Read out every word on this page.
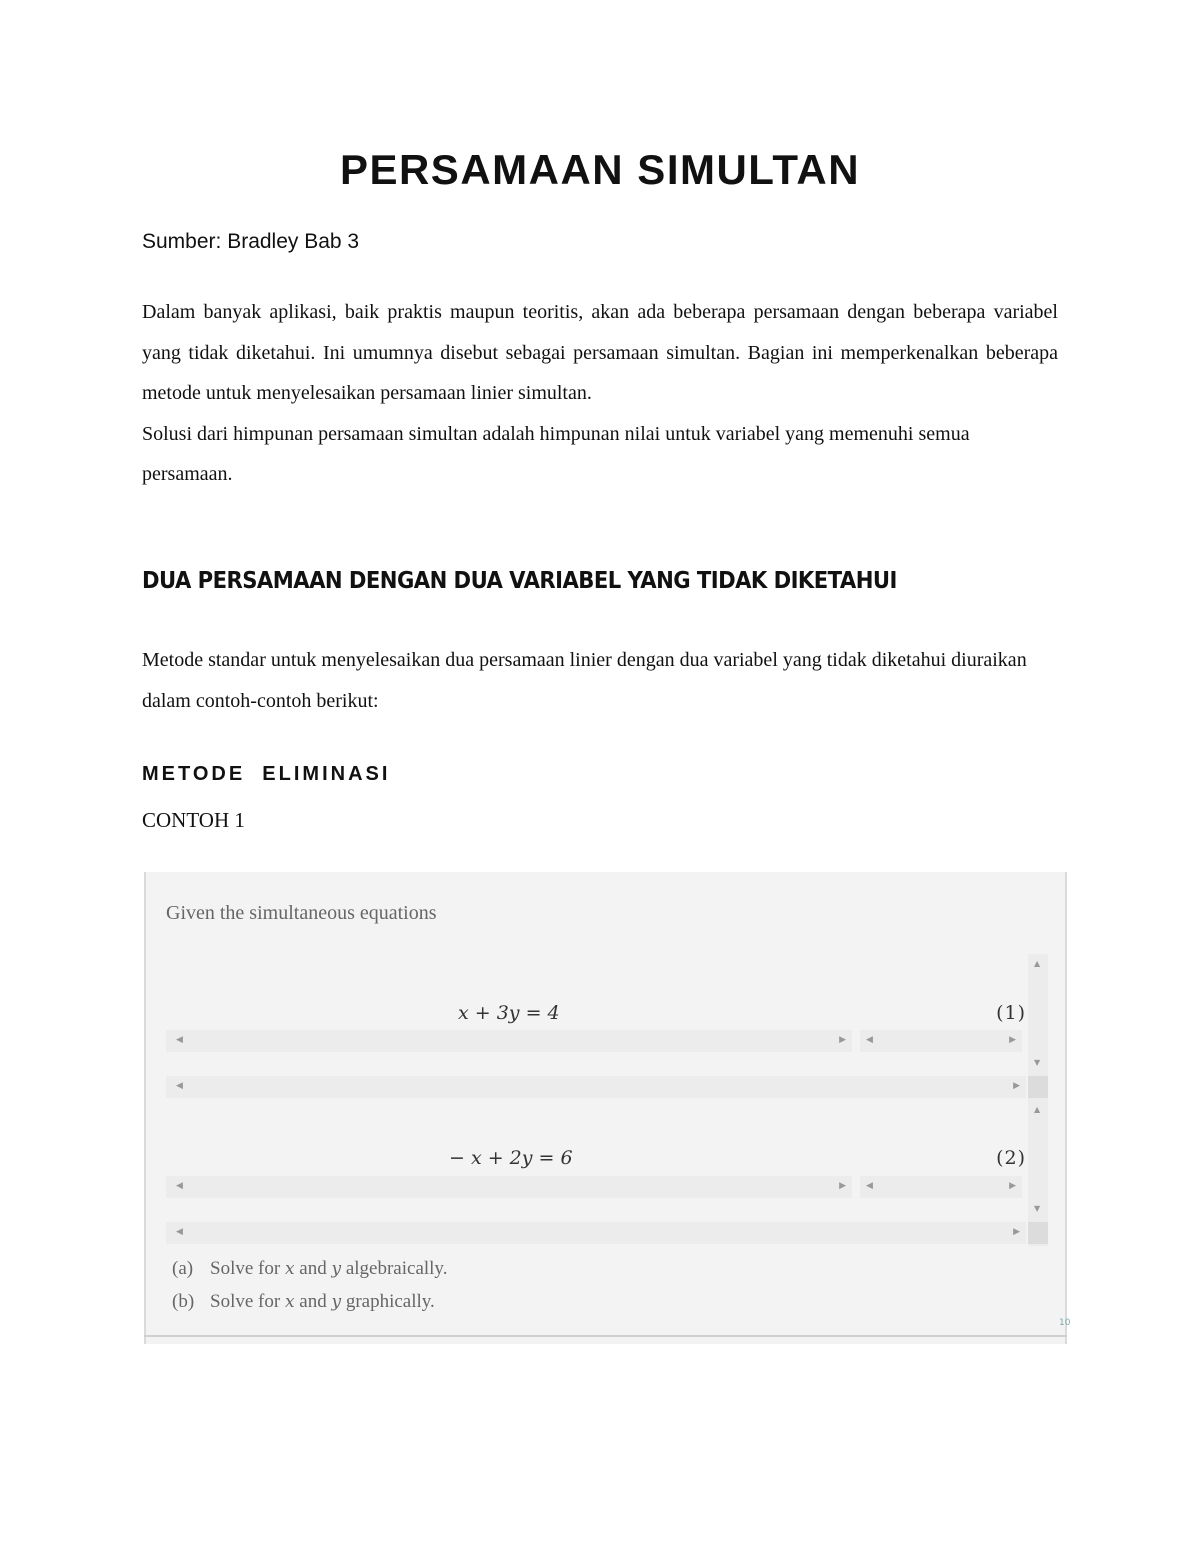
PERSAMAAN SIMULTAN
Sumber: Bradley Bab 3

Dalam banyak aplikasi, baik praktis maupun teoritis, akan ada beberapa persamaan dengan beberapa variabel yang tidak diketahui. Ini umumnya disebut sebagai persamaan simultan. Bagian ini memperkenalkan beberapa metode untuk menyelesaikan persamaan linier simultan.

Solusi dari himpunan persamaan simultan adalah himpunan nilai untuk variabel yang memenuhi semua persamaan.

DUA PERSAMAAN DENGAN DUA VARIABEL YANG TIDAK DIKETAHUI

Metode standar untuk menyelesaikan dua persamaan linier dengan dua variabel yang tidak diketahui diuraikan dalam contoh-contoh berikut:

METODE  ELIMINASI
CONTOH 1
Given the simultaneous equations
▲
▼
x + 3y = 4	(1)
◀	▶ ◀	▶
◀	▶
▲
▼
− x + 2y = 6	(2)
◀	▶ ◀	▶
◀	▶
(a) Solve for x and y algebraically.
(b) Solve for x and y graphically.
10
